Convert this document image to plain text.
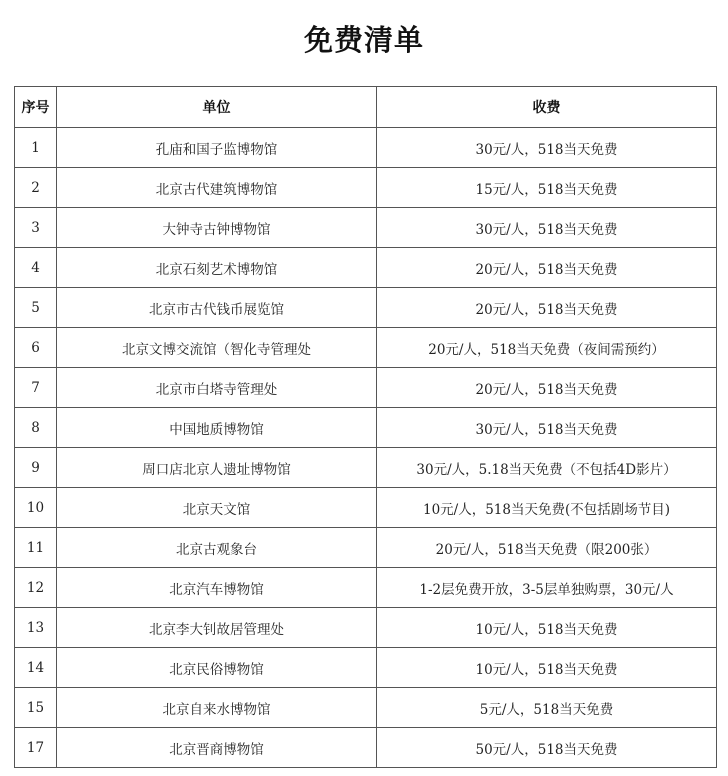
免费清单
序号	单位	收费
1	孔庙和国子监博物馆	30元/人，518当天免费
2	北京古代建筑博物馆	15元/人，518当天免费
3	大钟寺古钟博物馆	30元/人，518当天免费
4	北京石刻艺术博物馆	20元/人，518当天免费
5	北京市古代钱币展览馆	20元/人，518当天免费
6	北京文博交流馆（智化寺管理处	20元/人，518当天免费（夜间需预约）
7	北京市白塔寺管理处	20元/人，518当天免费
8	中国地质博物馆	30元/人，518当天免费
9	周口店北京人遗址博物馆	30元/人，5.18当天免费（不包括4D影片）
10	北京天文馆	10元/人，518当天免费(不包括剧场节目)
11	北京古观象台	20元/人，518当天免费（限200张）
12	北京汽车博物馆	1-2层免费开放，3-5层单独购票，30元/人
13	北京李大钊故居管理处	10元/人，518当天免费
14	北京民俗博物馆	10元/人，518当天免费
15	北京自来水博物馆	5元/人，518当天免费
17	北京晋商博物馆	50元/人，518当天免费
